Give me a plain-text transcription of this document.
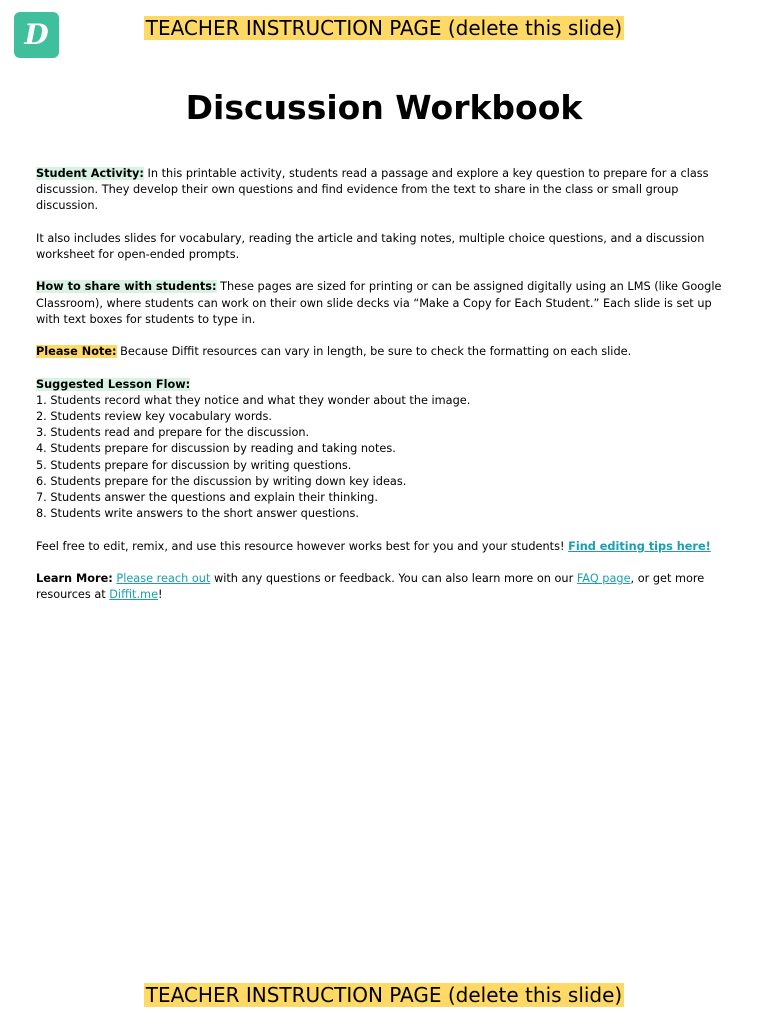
D	TEACHER INSTRUCTION PAGE (delete this slide)
Discussion Workbook

Student Activity: In this printable activity, students read a passage and explore a key question to prepare for a class discussion. They develop their own questions and find evidence from the text to share in the class or small group discussion.

It also includes slides for vocabulary, reading the article and taking notes, multiple choice questions, and a discussion worksheet for open-ended prompts.

How to share with students: These pages are sized for printing or can be assigned digitally using an LMS (like Google Classroom), where students can work on their own slide decks via “Make a Copy for Each Student.” Each slide is set up with text boxes for students to type in.

Please Note: Because Diffit resources can vary in length, be sure to check the formatting on each slide.

Suggested Lesson Flow:
1. Students record what they notice and what they wonder about the image.
2. Students review key vocabulary words.
3. Students read and prepare for the discussion.
4. Students prepare for discussion by reading and taking notes.
5. Students prepare for discussion by writing questions.
6. Students prepare for the discussion by writing down key ideas.
7. Students answer the questions and explain their thinking.
8. Students write answers to the short answer questions.

Feel free to edit, remix, and use this resource however works best for you and your students! Find editing tips here!

Learn More: Please reach out with any questions or feedback. You can also learn more on our FAQ page, or get more resources at Diffit.me!

TEACHER INSTRUCTION PAGE (delete this slide)
